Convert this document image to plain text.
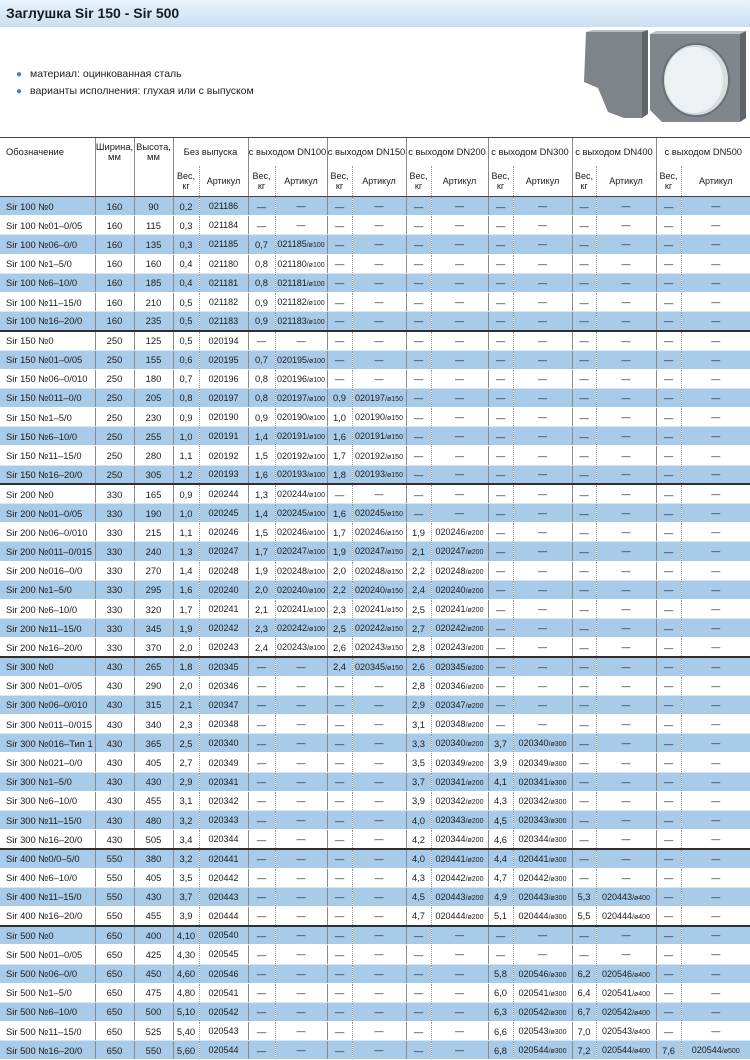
Заглушка Sir 150 - Sir 500
● материал: оцинкованная сталь
● варианты исполнения: глухая или с выпуском
Обозначение	Ширина, мм	Высота, мм	Без выпуска		с выходом DN100		с выходом DN150		с выходом DN200		с выходом DN300		с выходом DN400		с выходом DN500	
			Вес, кг	Артикул	Вес, кг	Артикул	Вес, кг	Артикул	Вес, кг	Артикул	Вес, кг	Артикул	Вес, кг	Артикул	Вес, кг	Артикул
Sir 100 №0	160	90	0,2	021186	—	—	—	—	—	—	—	—	—	—	—	—
Sir 100 №01–0/05	160	115	0,3	021184	—	—	—	—	—	—	—	—	—	—	—	—
Sir 100 №06–0/0	160	135	0,3	021185	0,7	021185/ø100	—	—	—	—	—	—	—	—	—	—
Sir 100 №1–5/0	160	160	0,4	021180	0,8	021180/ø100	—	—	—	—	—	—	—	—	—	—
Sir 100 №6–10/0	160	185	0,4	021181	0,8	021181/ø100	—	—	—	—	—	—	—	—	—	—
Sir 100 №11–15/0	160	210	0,5	021182	0,9	021182/ø100	—	—	—	—	—	—	—	—	—	—
Sir 100 №16–20/0	160	235	0,5	021183	0,9	021183/ø100	—	—	—	—	—	—	—	—	—	—
Sir 150 №0	250	125	0,5	020194	—	—	—	—	—	—	—	—	—	—	—	—
Sir 150 №01–0/05	250	155	0,6	020195	0,7	020195/ø100	—	—	—	—	—	—	—	—	—	—
Sir 150 №06–0/010	250	180	0,7	020196	0,8	020196/ø100	—	—	—	—	—	—	—	—	—	—
Sir 150 №011–0/0	250	205	0,8	020197	0,8	020197/ø100	0,9	020197/ø150	—	—	—	—	—	—	—	—
Sir 150 №1–5/0	250	230	0,9	020190	0,9	020190/ø100	1,0	020190/ø150	—	—	—	—	—	—	—	—
Sir 150 №6–10/0	250	255	1,0	020191	1,4	020191/ø100	1,6	020191/ø150	—	—	—	—	—	—	—	—
Sir 150 №11–15/0	250	280	1,1	020192	1,5	020192/ø100	1,7	020192/ø150	—	—	—	—	—	—	—	—
Sir 150 №16–20/0	250	305	1,2	020193	1,6	020193/ø100	1,8	020193/ø150	—	—	—	—	—	—	—	—
Sir 200 №0	330	165	0,9	020244	1,3	020244/ø100	—	—	—	—	—	—	—	—	—	—
Sir 200 №01–0/05	330	190	1,0	020245	1,4	020245/ø100	1,6	020245/ø150	—	—	—	—	—	—	—	—
Sir 200 №06–0/010	330	215	1,1	020246	1,5	020246/ø100	1,7	020246/ø150	1,9	020246/ø200	—	—	—	—	—	—
Sir 200 №011–0/015	330	240	1,3	020247	1,7	020247/ø100	1,9	020247/ø150	2,1	020247/ø200	—	—	—	—	—	—
Sir 200 №016–0/0	330	270	1,4	020248	1,9	020248/ø100	2,0	020248/ø150	2,2	020248/ø200	—	—	—	—	—	—
Sir 200 №1–5/0	330	295	1,6	020240	2,0	020240/ø100	2,2	020240/ø150	2,4	020240/ø200	—	—	—	—	—	—
Sir 200 №6–10/0	330	320	1,7	020241	2,1	020241/ø100	2,3	020241/ø150	2,5	020241/ø200	—	—	—	—	—	—
Sir 200 №11–15/0	330	345	1,9	020242	2,3	020242/ø100	2,5	020242/ø150	2,7	020242/ø200	—	—	—	—	—	—
Sir 200 №16–20/0	330	370	2,0	020243	2,4	020243/ø100	2,6	020243/ø150	2,8	020243/ø200	—	—	—	—	—	—
Sir 300 №0	430	265	1,8	020345	—	—	2,4	020345/ø150	2,6	020345/ø200	—	—	—	—	—	—
Sir 300 №01–0/05	430	290	2,0	020346	—	—	—	—	2,8	020346/ø200	—	—	—	—	—	—
Sir 300 №06–0/010	430	315	2,1	020347	—	—	—	—	2,9	020347/ø200	—	—	—	—	—	—
Sir 300 №011–0/015	430	340	2,3	020348	—	—	—	—	3,1	020348/ø200	—	—	—	—	—	—
Sir 300 №016–Тип 1	430	365	2,5	020340	—	—	—	—	3,3	020340/ø200	3,7	020340/ø300	—	—	—	—
Sir 300 №021–0/0	430	405	2,7	020349	—	—	—	—	3,5	020349/ø200	3,9	020349/ø300	—	—	—	—
Sir 300 №1–5/0	430	430	2,9	020341	—	—	—	—	3,7	020341/ø200	4,1	020341/ø300	—	—	—	—
Sir 300 №6–10/0	430	455	3,1	020342	—	—	—	—	3,9	020342/ø200	4,3	020342/ø300	—	—	—	—
Sir 300 №11–15/0	430	480	3,2	020343	—	—	—	—	4,0	020343/ø200	4,5	020343/ø300	—	—	—	—
Sir 300 №16–20/0	430	505	3,4	020344	—	—	—	—	4,2	020344/ø200	4,6	020344/ø300	—	—	—	—
Sir 400 №0/0–5/0	550	380	3,2	020441	—	—	—	—	4,0	020441/ø200	4,4	020441/ø300	—	—	—	—
Sir 400 №6–10/0	550	405	3,5	020442	—	—	—	—	4,3	020442/ø200	4,7	020442/ø300	—	—	—	—
Sir 400 №11–15/0	550	430	3,7	020443	—	—	—	—	4,5	020443/ø200	4,9	020443/ø300	5,3	020443/ø400	—	—
Sir 400 №16–20/0	550	455	3,9	020444	—	—	—	—	4,7	020444/ø200	5,1	020444/ø300	5,5	020444/ø400	—	—
Sir 500 №0	650	400	4,10	020540	—	—	—	—	—	—	—	—	—	—	—	—
Sir 500 №01–0/05	650	425	4,30	020545	—	—	—	—	—	—	—	—	—	—	—	—
Sir 500 №06–0/0	650	450	4,60	020546	—	—	—	—	—	—	5,8	020546/ø300	6,2	020546/ø400	—	—
Sir 500 №1–5/0	650	475	4,80	020541	—	—	—	—	—	—	6,0	020541/ø300	6,4	020541/ø400	—	—
Sir 500 №6–10/0	650	500	5,10	020542	—	—	—	—	—	—	6,3	020542/ø300	6,7	020542/ø400	—	—
Sir 500 №11–15/0	650	525	5,40	020543	—	—	—	—	—	—	6,6	020543/ø300	7,0	020543/ø400	—	—
Sir 500 №16–20/0	650	550	5,60	020544	—	—	—	—	—	—	6,8	020544/ø300	7,2	020544/ø400	7,6	020544/ø500
